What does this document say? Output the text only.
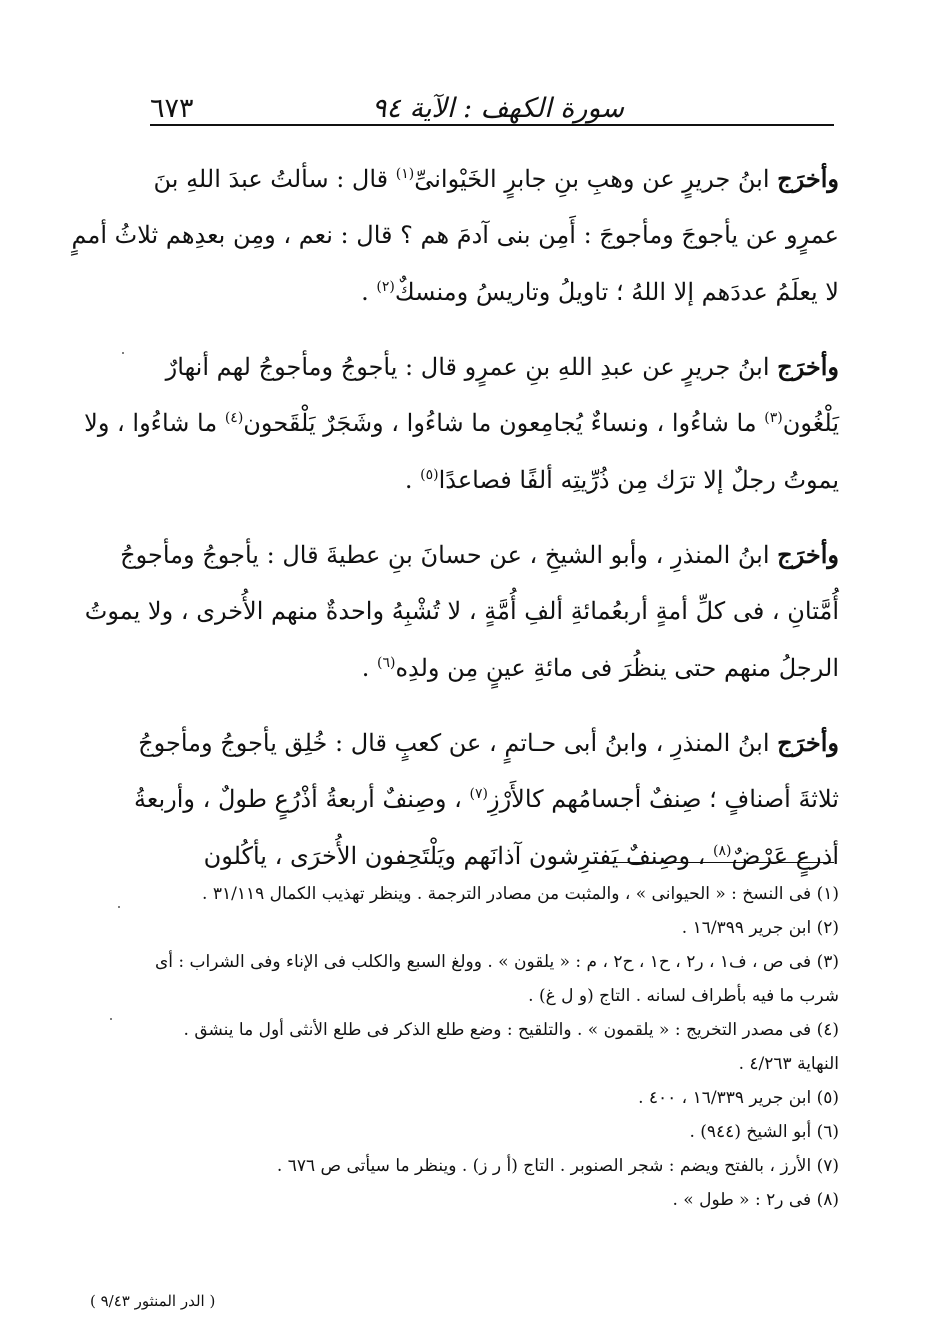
سورة الكهف : الآية ٩٤
٦٧٣

وأخرَج ابنُ جريرٍ عن وهبِ بنِ جابرٍ الخَيْوانىِّ$^{(١)}$ قال : سألتُ عبدَ اللهِ بنَ
عمرٍو عن يأجوجَ ومأجوجَ : أَمِن بنى آدمَ هم ؟ قال : نعم ، ومِن بعدِهم ثلاثُ أممٍ
لا يعلَمُ عددَهم إلا اللهُ ؛ تاويلُ وتاريسُ ومنسكٌ$^{(٢)}$ .

وأخرَج ابنُ جريرٍ عن عبدِ اللهِ بنِ عمرٍو قال : يأجوجُ ومأجوجُ لهم أنهارٌ
يَلْغُون$^{(٣)}$ ما شاءُوا ، ونساءٌ يُجامِعون ما شاءُوا ، وشَجَرٌ يَلْقَحون$^{(٤)}$ ما شاءُوا ، ولا
يموتُ رجلٌ إلا ترَك مِن ذُرِّيتِه ألفًا فصاعدًا$^{(٥)}$ .

وأخرَج ابنُ المنذرِ ، وأبو الشيخِ ، عن حسانَ بنِ عطيةَ قال : يأجوجُ ومأجوجُ
أُمَّتانِ ، فى كلِّ أمةٍ أربعُمائةِ ألفِ أُمَّةٍ ، لا تُشْبِهُ واحدةٌ منهم الأُخرى ، ولا يموتُ
الرجلُ منهم حتى ينظُرَ فى مائةِ عينٍ مِن ولدِه$^{(٦)}$ .

وأخرَج ابنُ المنذرِ ، وابنُ أبى حـاتمٍ ، عن كعبٍ قال : خُلِق يأجوجُ ومأجوجُ
ثلاثةَ أصنافٍ ؛ صِنفٌ أجسامُهم كالأَرْزِ$^{(٧)}$ ، وصِنفٌ أربعةُ أذْرُعٍ طولٌ ، وأربعةُ
أذرعٍ عَرْضٌ$^{(٨)}$ ، وصِنفٌ يَفترِشون آذانَهم ويَلْتَحِفون الأُخرَى ، يأكُلون

(١) فى النسخ : « الحيوانى » ، والمثبت من مصادر الترجمة . وينظر تهذيب الكمال ٣١/١١٩ .

(٢) ابن جرير ١٦/٣٩٩ .

(٣) فى ص ، ف١ ، ر٢ ، ح١ ، ح٢ ، م : « يلقون » . وولغ السبع والكلب فى الإناء وفى الشراب : أى شرب ما فيه بأطراف لسانه . التاج (و ل غ) .

(٤) فى مصدر التخريج : « يلقمون » . والتلقيح : وضع طلع الذكر فى طلع الأنثى أول ما ينشق . النهاية ٤/٢٦٣ .

(٥) ابن جرير ١٦/٣٣٩ ، ٤٠٠ .

(٦) أبو الشيخ (٩٤٤) .

(٧) الأرز ، بالفتح ويضم : شجر الصنوبر . التاج (أ ر ز) . وينظر ما سيأتى ص ٦٧٦ .

(٨) فى ر٢ : « طول » .

( الدر المنثور ٩/٤٣ )
